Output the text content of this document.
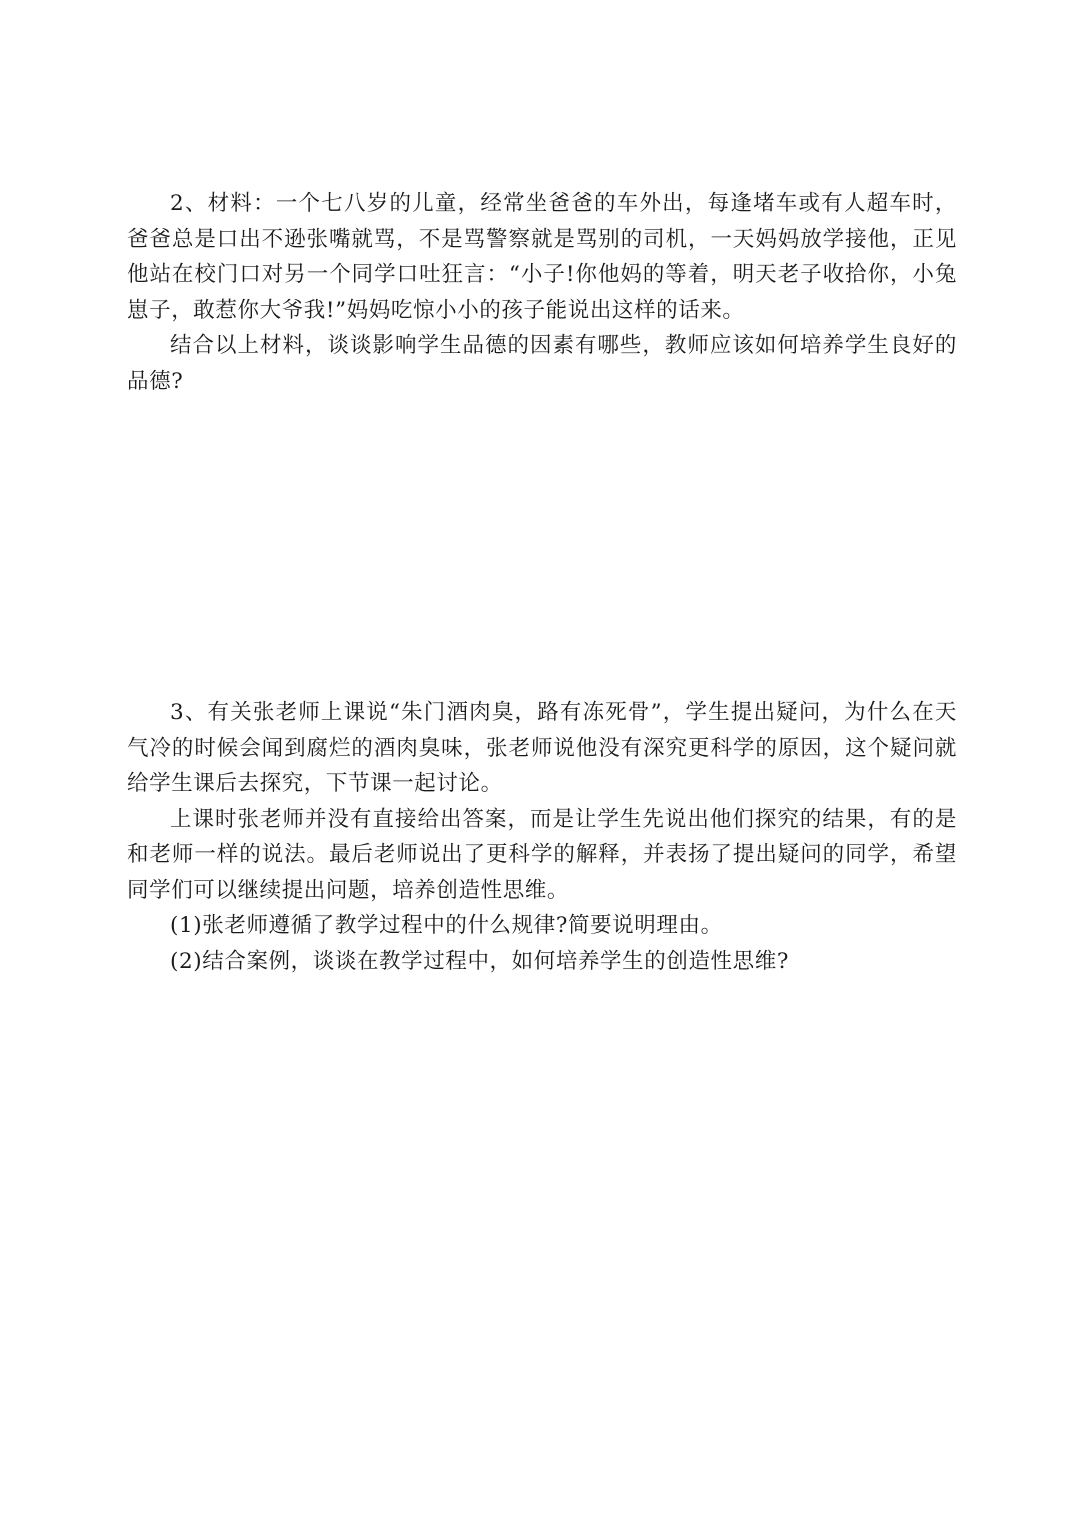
2、材料：一个七八岁的儿童，经常坐爸爸的车外出，每逢堵车或有人超车时，爸爸总是口出不逊张嘴就骂，不是骂警察就是骂别的司机，一天妈妈放学接他，正见他站在校门口对另一个同学口吐狂言：“小子!你他妈的等着，明天老子收拾你，小兔崽子，敢惹你大爷我!”妈妈吃惊小小的孩子能说出这样的话来。

结合以上材料，谈谈影响学生品德的因素有哪些，教师应该如何培养学生良好的品德?

3、有关张老师上课说“朱门酒肉臭，路有冻死骨”，学生提出疑问，为什么在天气冷的时候会闻到腐烂的酒肉臭味，张老师说他没有深究更科学的原因，这个疑问就给学生课后去探究，下节课一起讨论。

上课时张老师并没有直接给出答案，而是让学生先说出他们探究的结果，有的是和老师一样的说法。最后老师说出了更科学的解释，并表扬了提出疑问的同学，希望同学们可以继续提出问题，培养创造性思维。

(1)张老师遵循了教学过程中的什么规律?简要说明理由。

(2)结合案例，谈谈在教学过程中，如何培养学生的创造性思维?
